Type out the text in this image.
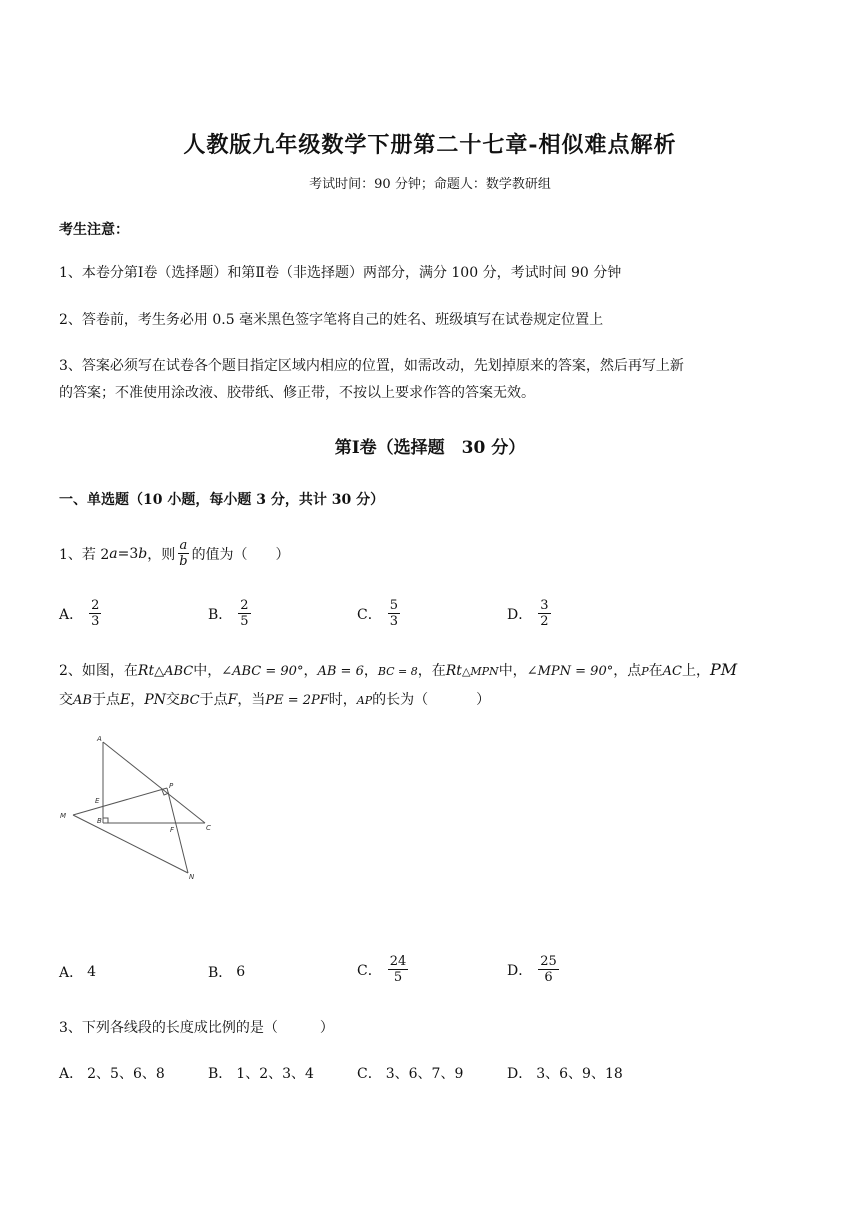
人教版九年级数学下册第二十七章-相似难点解析
考试时间：90 分钟；命题人：数学教研组
考生注意：
1、本卷分第Ⅰ卷（选择题）和第Ⅱ卷（非选择题）两部分，满分 100 分，考试时间 90 分钟
2、答卷前，考生务必用 0.5 毫米黑色签字笔将自己的姓名、班级填写在试卷规定位置上
3、答案必须写在试卷各个题目指定区域内相应的位置，如需改动，先划掉原来的答案，然后再写上新
的答案；不准使用涂改液、胶带纸、修正带，不按以上要求作答的答案无效。
第Ⅰ卷（选择题　30 分）
一、单选题（10 小题，每小题 3 分，共计 30 分）
1、若 2 a =3 b ，则 $\frac{a}{b}$ 的值为（　　）
A． $\frac{2}{3}$	B． $\frac{2}{5}$	C． $\frac{5}{3}$	D． $\frac{3}{2}$
2、如图，在Rt△ABC中，∠ABC = 90°，AB = 6，BC = 8，在Rt△MPN中，∠MPN = 90°，点P在AC上，PM
交AB于点E，PN交BC于点F，当PE = 2PF时，AP的长为（	）
A
E
M
B
P
F	C
N
A． 4	B． 6	C． $\frac{24}{5}$	D． $\frac{25}{6}$
3、下列各线段的长度成比例的是（　　　）
A． 2、5、6、8	B． 1、2、3、4	C． 3、6、7、9	D． 3、6、9、18
